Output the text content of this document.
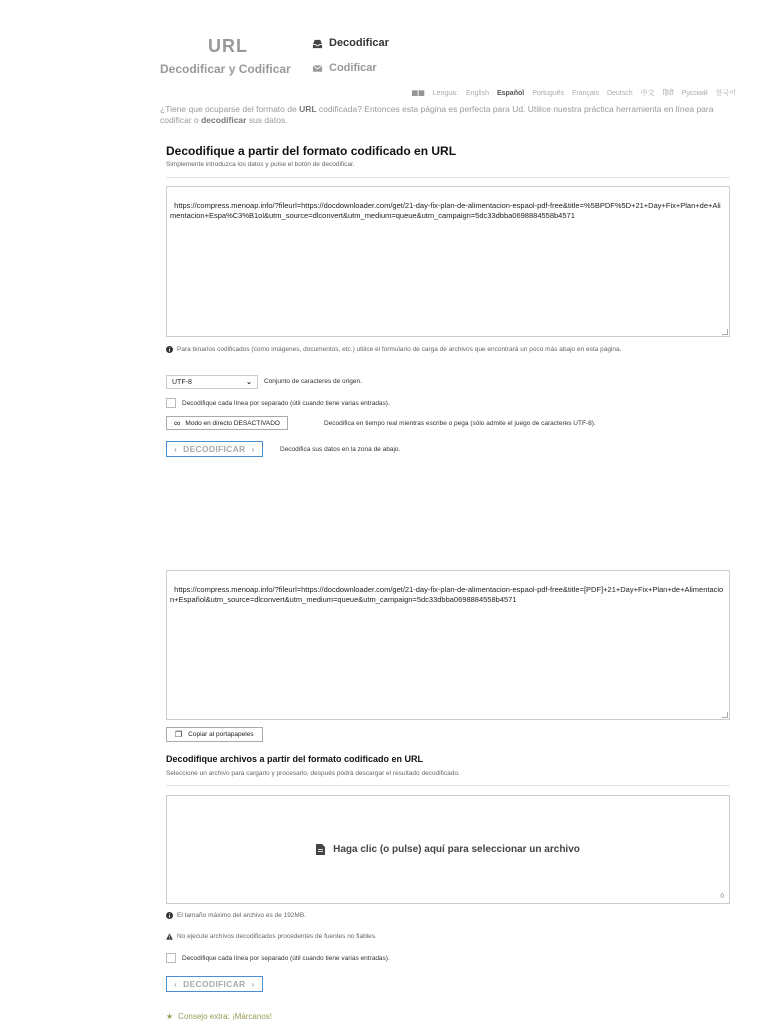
URL
Decodificar y Codificar
Decodificar
Codificar
▦▦ Lengua: English Español Português Français Deutsch 中文 हिंदी Русский 한국어
¿Tiene que ocuparse del formato de URL codificada? Entonces esta página es perfecta para Ud. Utilice nuestra práctica herramienta en línea para codificar o decodificar sus datos.
Decodifique a partir del formato codificado en URL
Simplemente introduzca los datos y pulse el botón de decodificar.

https://compress.menoap.info/?fileurl=https://docdownloader.com/get/21-day-fix-plan-de-alimentacion-espaol-pdf-free&title=%5BPDF%5D+21+Day+Fix+Plan+de+Alimentacion+Espa%C3%B1ol&utm_source=dlconvert&utm_medium=queue&utm_campaign=5dc33dbba0698884558b4571

Para binarios codificados (como imágenes, documentos, etc.) utilice el formulario de carga de archivos que encontrará un poco más abajo en esta página.
UTF-8	⌄ Conjunto de caracteres de origen.
Decodifique cada línea por separado (útil cuando tiene varias entradas).
∞ Modo en directo DESACTIVADO	Decodifica en tiempo real mientras escribe o pega (sólo admite el juego de caracteres UTF-8).
‹ DECODIFICAR ›	Decodifica sus datos en la zona de abajo.

https://compress.menoap.info/?fileurl=https://docdownloader.com/get/21-day-fix-plan-de-alimentacion-espaol-pdf-free&title=[PDF]+21+Day+Fix+Plan+de+Alimentacion+Español&utm_source=dlconvert&utm_medium=queue&utm_campaign=5dc33dbba0698884558b4571

❐ Copiar al portapapeles
Decodifique archivos a partir del formato codificado en URL
Seleccione un archivo para cargarlo y procesarlo, después podrá descargar el resultado decodificado.
Haga clic (o pulse) aquí para seleccionar un archivo
0
El tamaño máximo del archivo es de 192MB.
No ejecute archivos decodificados procedentes de fuentes no fiables.
Decodifique cada línea por separado (útil cuando tiene varias entradas).
‹ DECODIFICAR ›
★ Consejo extra: ¡Márcanos!
